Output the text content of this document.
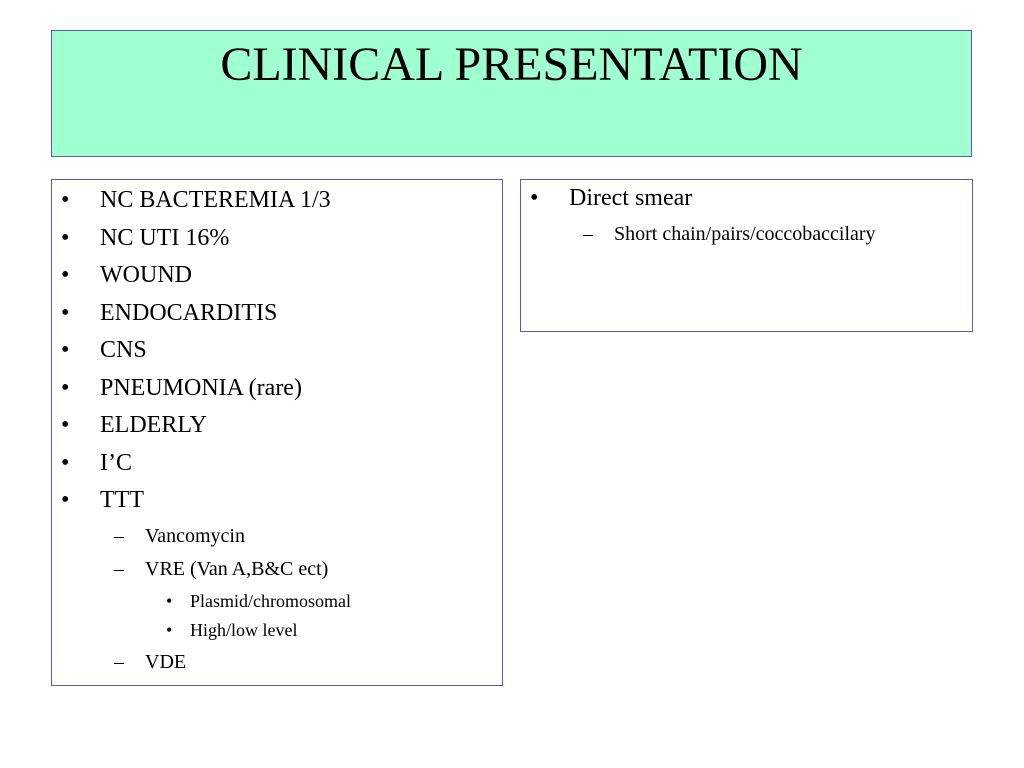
CLINICAL PRESENTATION
• NC BACTEREMIA 1/3
• NC UTI 16%
• WOUND
• ENDOCARDITIS
• CNS
• PNEUMONIA (rare)
• ELDERLY
• I’C
• TTT
– Vancomycin
– VRE (Van A,B&C ect)
• Plasmid/chromosomal
• High/low level
– VDE
• Direct smear
– Short chain/pairs/coccobaccilary
